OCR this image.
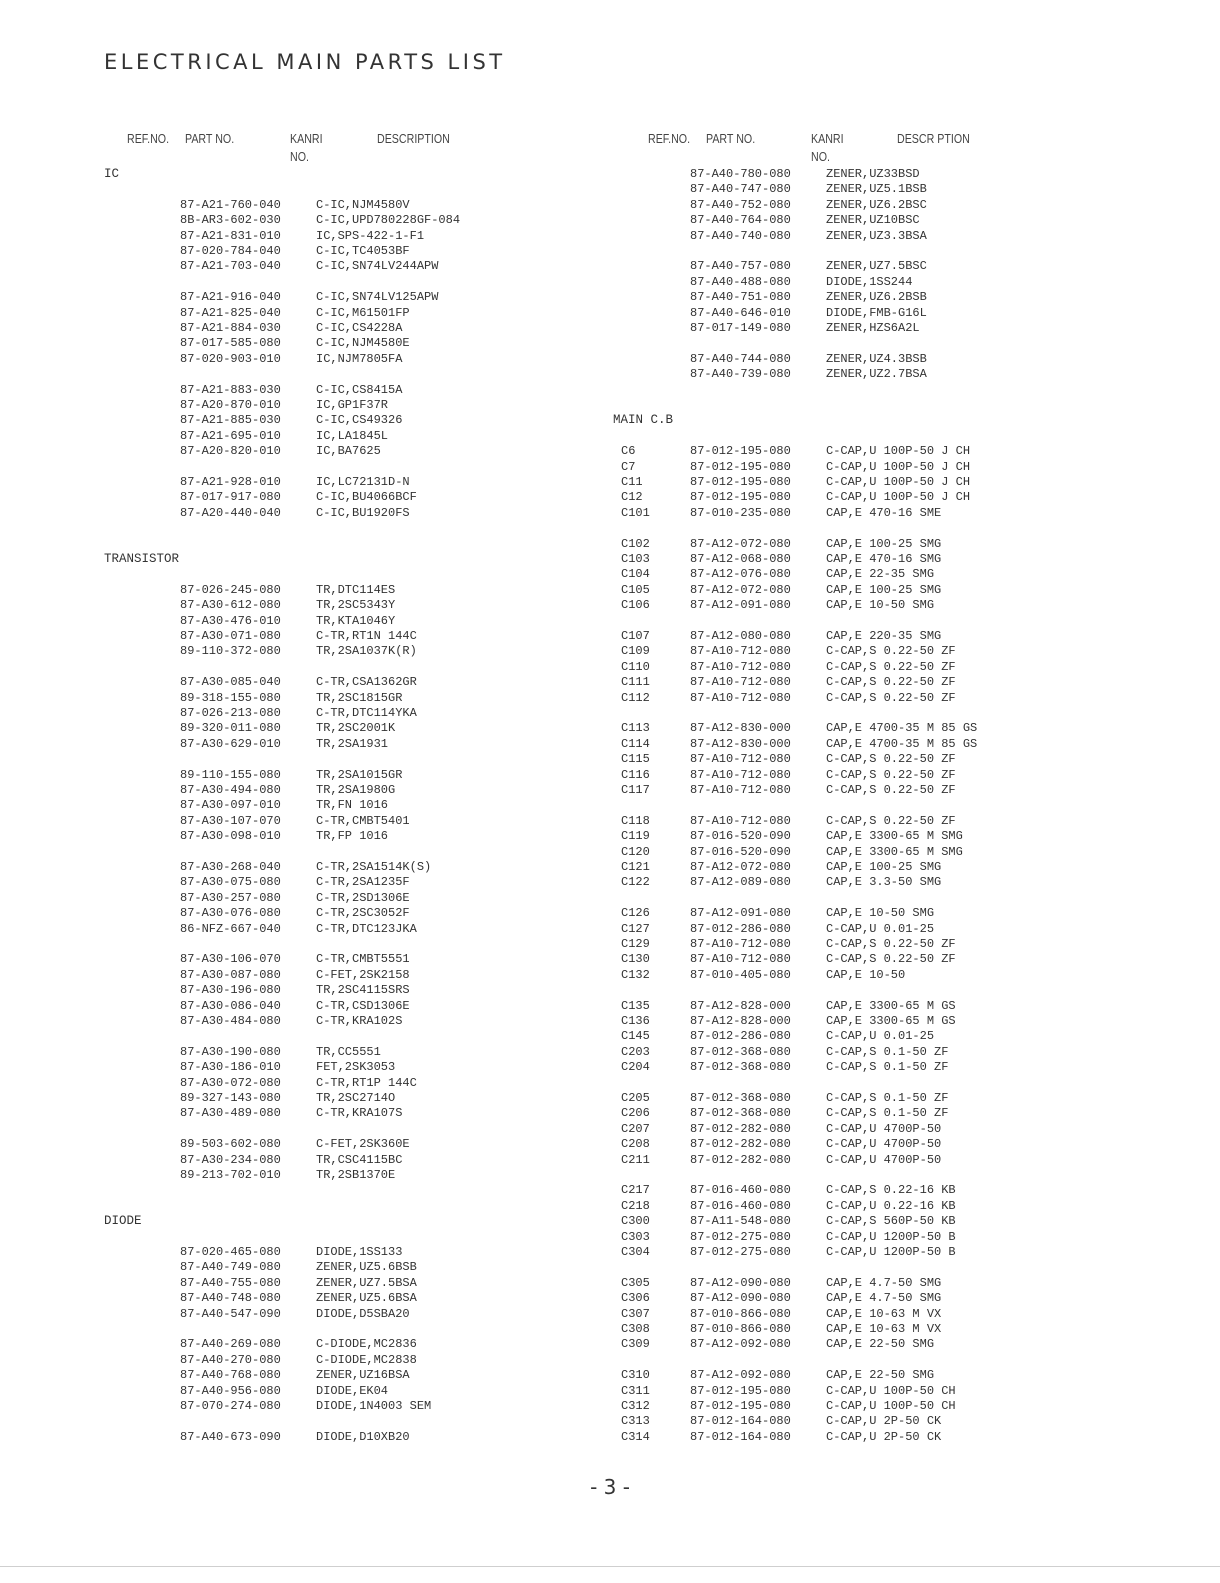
ELECTRICAL MAIN PARTS LIST
REF.NO. PART NO.	KANRI
NO.
DESCRIPTION	REF.NO. PART NO.	KANRI
NO.
DESCR PTION
IC
87-A21-760-040	C-IC,NJM4580V
8B-AR3-602-030	C-IC,UPD780228GF-084
87-A21-831-010	IC,SPS-422-1-F1
87-020-784-040	C-IC,TC4053BF
87-A21-703-040	C-IC,SN74LV244APW
87-A21-916-040	C-IC,SN74LV125APW
87-A21-825-040	C-IC,M61501FP
87-A21-884-030	C-IC,CS4228A
87-017-585-080	C-IC,NJM4580E
87-020-903-010	IC,NJM7805FA
87-A21-883-030	C-IC,CS8415A
87-A20-870-010	IC,GP1F37R
87-A21-885-030	C-IC,CS49326
87-A21-695-010	IC,LA1845L
87-A20-820-010	IC,BA7625
87-A21-928-010	IC,LC72131D-N
87-017-917-080	C-IC,BU4066BCF
87-A20-440-040	C-IC,BU1920FS
TRANSISTOR
87-026-245-080	TR,DTC114ES
87-A30-612-080	TR,2SC5343Y
87-A30-476-010	TR,KTA1046Y
87-A30-071-080	C-TR,RT1N 144C
89-110-372-080	TR,2SA1037K(R)
87-A30-085-040	C-TR,CSA1362GR
89-318-155-080	TR,2SC1815GR
87-026-213-080	C-TR,DTC114YKA
89-320-011-080	TR,2SC2001K
87-A30-629-010	TR,2SA1931
89-110-155-080	TR,2SA1015GR
87-A30-494-080	TR,2SA1980G
87-A30-097-010	TR,FN 1016
87-A30-107-070	C-TR,CMBT5401
87-A30-098-010	TR,FP 1016
87-A30-268-040	C-TR,2SA1514K(S)
87-A30-075-080	C-TR,2SA1235F
87-A30-257-080	C-TR,2SD1306E
87-A30-076-080	C-TR,2SC3052F
86-NFZ-667-040	C-TR,DTC123JKA
87-A30-106-070	C-TR,CMBT5551
87-A30-087-080	C-FET,2SK2158
87-A30-196-080	TR,2SC4115SRS
87-A30-086-040	C-TR,CSD1306E
87-A30-484-080	C-TR,KRA102S
87-A30-190-080	TR,CC5551
87-A30-186-010	FET,2SK3053
87-A30-072-080	C-TR,RT1P 144C
89-327-143-080	TR,2SC2714O
87-A30-489-080	C-TR,KRA107S
89-503-602-080	C-FET,2SK360E
87-A30-234-080	TR,CSC4115BC
89-213-702-010	TR,2SB1370E
DIODE
87-020-465-080	DIODE,1SS133
87-A40-749-080	ZENER,UZ5.6BSB
87-A40-755-080	ZENER,UZ7.5BSA
87-A40-748-080	ZENER,UZ5.6BSA
87-A40-547-090	DIODE,D5SBA20
87-A40-269-080	C-DIODE,MC2836
87-A40-270-080	C-DIODE,MC2838
87-A40-768-080	ZENER,UZ16BSA
87-A40-956-080	DIODE,EK04
87-070-274-080	DIODE,1N4003 SEM
87-A40-673-090	DIODE,D10XB20
87-A40-780-080	ZENER,UZ33BSD
87-A40-747-080	ZENER,UZ5.1BSB
87-A40-752-080	ZENER,UZ6.2BSC
87-A40-764-080	ZENER,UZ10BSC
87-A40-740-080	ZENER,UZ3.3BSA
87-A40-757-080	ZENER,UZ7.5BSC
87-A40-488-080	DIODE,1SS244
87-A40-751-080	ZENER,UZ6.2BSB
87-A40-646-010	DIODE,FMB-G16L
87-017-149-080	ZENER,HZS6A2L
87-A40-744-080	ZENER,UZ4.3BSB
87-A40-739-080	ZENER,UZ2.7BSA
MAIN C.B
C6	87-012-195-080	C-CAP,U 100P-50 J CH
C7	87-012-195-080	C-CAP,U 100P-50 J CH
C11	87-012-195-080	C-CAP,U 100P-50 J CH
C12	87-012-195-080	C-CAP,U 100P-50 J CH
C101	87-010-235-080	CAP,E 470-16 SME
C102	87-A12-072-080	CAP,E 100-25 SMG
C103	87-A12-068-080	CAP,E 470-16 SMG
C104	87-A12-076-080	CAP,E 22-35 SMG
C105	87-A12-072-080	CAP,E 100-25 SMG
C106	87-A12-091-080	CAP,E 10-50 SMG
C107	87-A12-080-080	CAP,E 220-35 SMG
C109	87-A10-712-080	C-CAP,S 0.22-50 ZF
C110	87-A10-712-080	C-CAP,S 0.22-50 ZF
C111	87-A10-712-080	C-CAP,S 0.22-50 ZF
C112	87-A10-712-080	C-CAP,S 0.22-50 ZF
C113	87-A12-830-000	CAP,E 4700-35 M 85 GS
C114	87-A12-830-000	CAP,E 4700-35 M 85 GS
C115	87-A10-712-080	C-CAP,S 0.22-50 ZF
C116	87-A10-712-080	C-CAP,S 0.22-50 ZF
C117	87-A10-712-080	C-CAP,S 0.22-50 ZF
C118	87-A10-712-080	C-CAP,S 0.22-50 ZF
C119	87-016-520-090	CAP,E 3300-65 M SMG
C120	87-016-520-090	CAP,E 3300-65 M SMG
C121	87-A12-072-080	CAP,E 100-25 SMG
C122	87-A12-089-080	CAP,E 3.3-50 SMG
C126	87-A12-091-080	CAP,E 10-50 SMG
C127	87-012-286-080	C-CAP,U 0.01-25
C129	87-A10-712-080	C-CAP,S 0.22-50 ZF
C130	87-A10-712-080	C-CAP,S 0.22-50 ZF
C132	87-010-405-080	CAP,E 10-50
C135	87-A12-828-000	CAP,E 3300-65 M GS
C136	87-A12-828-000	CAP,E 3300-65 M GS
C145	87-012-286-080	C-CAP,U 0.01-25
C203	87-012-368-080	C-CAP,S 0.1-50 ZF
C204	87-012-368-080	C-CAP,S 0.1-50 ZF
C205	87-012-368-080	C-CAP,S 0.1-50 ZF
C206	87-012-368-080	C-CAP,S 0.1-50 ZF
C207	87-012-282-080	C-CAP,U 4700P-50
C208	87-012-282-080	C-CAP,U 4700P-50
C211	87-012-282-080	C-CAP,U 4700P-50
C217	87-016-460-080	C-CAP,S 0.22-16 KB
C218	87-016-460-080	C-CAP,U 0.22-16 KB
C300	87-A11-548-080	C-CAP,S 560P-50 KB
C303	87-012-275-080	C-CAP,U 1200P-50 B
C304	87-012-275-080	C-CAP,U 1200P-50 B
C305	87-A12-090-080	CAP,E 4.7-50 SMG
C306	87-A12-090-080	CAP,E 4.7-50 SMG
C307	87-010-866-080	CAP,E 10-63 M VX
C308	87-010-866-080	CAP,E 10-63 M VX
C309	87-A12-092-080	CAP,E 22-50 SMG
C310	87-A12-092-080	CAP,E 22-50 SMG
C311	87-012-195-080	C-CAP,U 100P-50 CH
C312	87-012-195-080	C-CAP,U 100P-50 CH
C313	87-012-164-080	C-CAP,U 2P-50 CK
C314	87-012-164-080	C-CAP,U 2P-50 CK
- 3 -
